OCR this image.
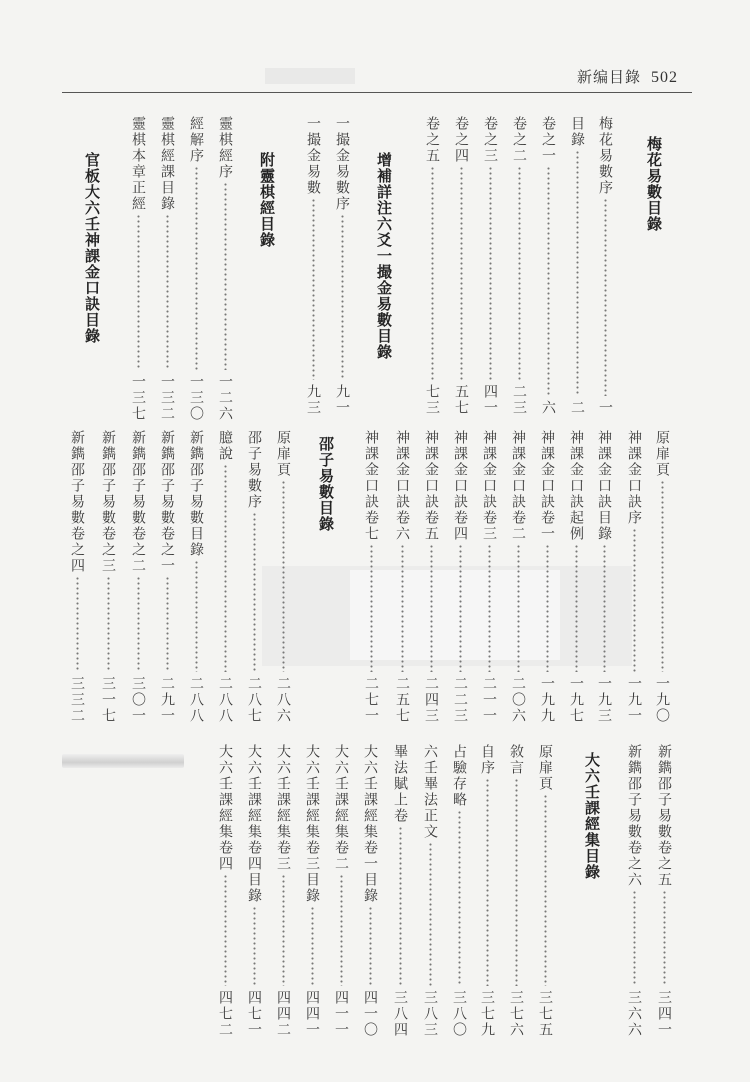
新编目錄 502
梅花易數目錄
梅花易數序
一
目錄
二
卷之一
六
卷之二
二三
卷之三
四一
卷之四
五七
卷之五
七三
增補詳注六爻一撮金易數目錄
一撮金易數序
九一
一撮金易數
九三
附靈棋經目錄
靈棋經序
一二六
經解序
一三〇
靈棋經課目錄
一三二
靈棋本章正經
一三七
官板大六壬神課金口訣目錄
原扉頁
一九〇
神課金口訣序
一九一
神課金口訣目錄
一九三
神課金口訣起例
一九七
神課金口訣卷一
一九九
神課金口訣卷二
二〇六
神課金口訣卷三
二一一
神課金口訣卷四
二二三
神課金口訣卷五
二四三
神課金口訣卷六
二五七
神課金口訣卷七
二七一
邵子易數目錄
原扉頁
二八六
邵子易數序
二八七
臆說
二八八
新鐫邵子易數目錄
二八八
新鐫邵子易數卷之一
二九一
新鐫邵子易數卷之二
三〇一
新鐫邵子易數卷之三
三一七
新鐫邵子易數卷之四
三三二
新鐫邵子易數卷之五
三四一
新鐫邵子易數卷之六
三六六
大六壬課經集目錄
原扉頁
三七五
敘言
三七六
自序
三七九
占驗存略
三八〇
六壬畢法正文
三八三
畢法賦上卷
三八四
大六壬課經集卷一目錄
四一〇
大六壬課經集卷二
四一一
大六壬課經集卷三目錄
四四一
大六壬課經集卷三
四四二
大六壬課經集卷四目錄
四七一
大六壬課經集卷四
四七二
